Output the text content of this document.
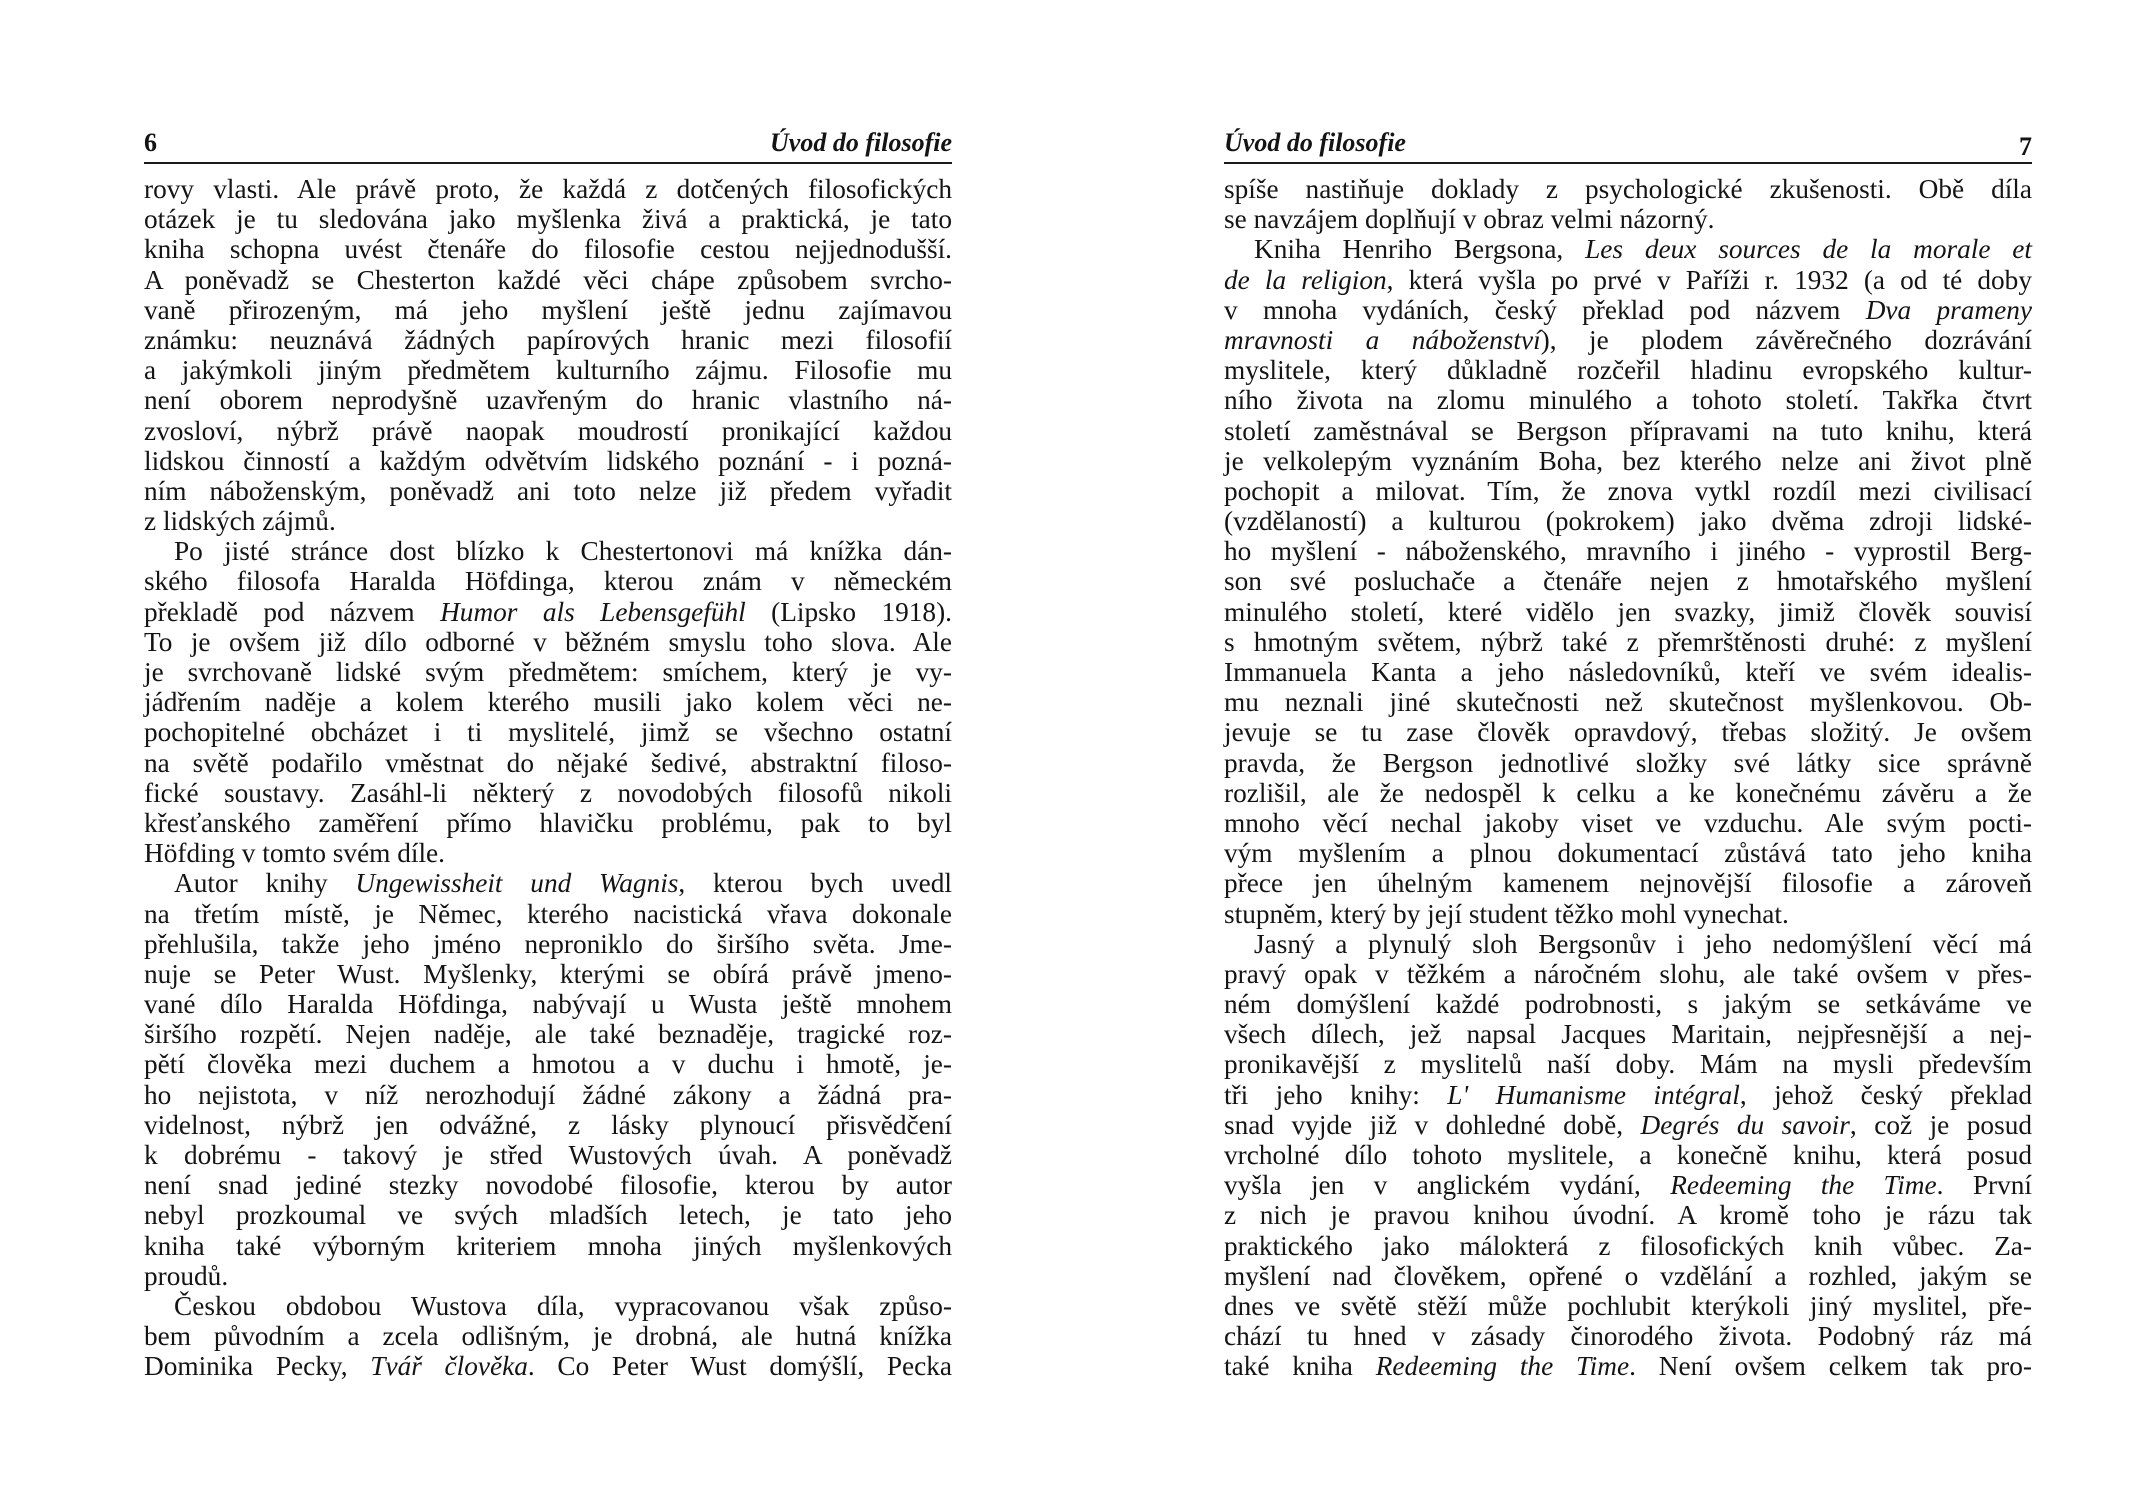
6	Úvod do filosofie
rovy vlasti. Ale právě proto, že každá z dotčených filosofických
otázek je tu sledována jako myšlenka živá a praktická, je tato
kniha schopna uvést čtenáře do filosofie cestou nejjednodušší.
A poněvadž se Chesterton každé věci chápe způsobem svrcho-
vaně přirozeným, má jeho myšlení ještě jednu zajímavou
známku: neuznává žádných papírových hranic mezi filosofií
a jakýmkoli jiným předmětem kulturního zájmu. Filosofie mu
není oborem neprodyšně uzavřeným do hranic vlastního ná-
zvosloví, nýbrž právě naopak moudrostí pronikající každou
lidskou činností a každým odvětvím lidského poznání - i pozná-
ním náboženským, poněvadž ani toto nelze již předem vyřadit
z lidských zájmů.
Po jisté stránce dost blízko k Chestertonovi má knížka dán-
ského filosofa Haralda Höfdinga, kterou znám v německém
překladě pod názvem Humor als Lebensgefühl (Lipsko 1918).
To je ovšem již dílo odborné v běžném smyslu toho slova. Ale
je svrchovaně lidské svým předmětem: smíchem, který je vy-
jádřením naděje a kolem kterého musili jako kolem věci ne-
pochopitelné obcházet i ti myslitelé, jimž se všechno ostatní
na světě podařilo vměstnat do nějaké šedivé, abstraktní filoso-
fické soustavy. Zasáhl-li některý z novodobých filosofů nikoli
křesťanského zaměření přímo hlavičku problému, pak to byl
Höfding v tomto svém díle.
Autor knihy Ungewissheit und Wagnis, kterou bych uvedl
na třetím místě, je Němec, kterého nacistická vřava dokonale
přehlušila, takže jeho jméno neproniklo do širšího světa. Jme-
nuje se Peter Wust. Myšlenky, kterými se obírá právě jmeno-
vané dílo Haralda Höfdinga, nabývají u Wusta ještě mnohem
širšího rozpětí. Nejen naděje, ale také beznaděje, tragické roz-
pětí člověka mezi duchem a hmotou a v duchu i hmotě, je-
ho nejistota, v níž nerozhodují žádné zákony a žádná pra-
videlnost, nýbrž jen odvážné, z lásky plynoucí přisvědčení
k dobrému - takový je střed Wustových úvah. A poněvadž
není snad jediné stezky novodobé filosofie, kterou by autor
nebyl prozkoumal ve svých mladších letech, je tato jeho
kniha také výborným kriteriem mnoha jiných myšlenkových
proudů.
Českou obdobou Wustova díla, vypracovanou však způso-
bem původním a zcela odlišným, je drobná, ale hutná knížka
Dominika Pecky, Tvář člověka. Co Peter Wust domýšlí, Pecka
Úvod do filosofie	7
spíše nastiňuje doklady z psychologické zkušenosti. Obě díla
se navzájem doplňují v obraz velmi názorný.
Kniha Henriho Bergsona, Les deux sources de la morale et
de la religion, která vyšla po prvé v Paříži r. 1932 (a od té doby
v mnoha vydáních, český překlad pod názvem Dva prameny
mravnosti a náboženství), je plodem závěrečného dozrávání
myslitele, který důkladně rozčeřil hladinu evropského kultur-
ního života na zlomu minulého a tohoto století. Takřka čtvrt
století zaměstnával se Bergson přípravami na tuto knihu, která
je velkolepým vyznáním Boha, bez kterého nelze ani život plně
pochopit a milovat. Tím, že znova vytkl rozdíl mezi civilisací
(vzdělaností) a kulturou (pokrokem) jako dvěma zdroji lidské-
ho myšlení - náboženského, mravního i jiného - vyprostil Berg-
son své posluchače a čtenáře nejen z hmotařského myšlení
minulého století, které vidělo jen svazky, jimiž člověk souvisí
s hmotným světem, nýbrž také z přemrštěnosti druhé: z myšlení
Immanuela Kanta a jeho následovníků, kteří ve svém idealis-
mu neznali jiné skutečnosti než skutečnost myšlenkovou. Ob-
jevuje se tu zase člověk opravdový, třebas složitý. Je ovšem
pravda, že Bergson jednotlivé složky své látky sice správně
rozlišil, ale že nedospěl k celku a ke konečnému závěru a že
mnoho věcí nechal jakoby viset ve vzduchu. Ale svým pocti-
vým myšlením a plnou dokumentací zůstává tato jeho kniha
přece jen úhelným kamenem nejnovější filosofie a zároveň
stupněm, který by její student těžko mohl vynechat.
Jasný a plynulý sloh Bergsonův i jeho nedomýšlení věcí má
pravý opak v těžkém a náročném slohu, ale také ovšem v přes-
ném domýšlení každé podrobnosti, s jakým se setkáváme ve
všech dílech, jež napsal Jacques Maritain, nejpřesnější a nej-
pronikavější z myslitelů naší doby. Mám na mysli především
tři jeho knihy: L' Humanisme intégral, jehož český překlad
snad vyjde již v dohledné době, Degrés du savoir, což je posud
vrcholné dílo tohoto myslitele, a konečně knihu, která posud
vyšla jen v anglickém vydání, Redeeming the Time. První
z nich je pravou knihou úvodní. A kromě toho je rázu tak
praktického jako málokterá z filosofických knih vůbec. Za-
myšlení nad člověkem, opřené o vzdělání a rozhled, jakým se
dnes ve světě stěží může pochlubit kterýkoli jiný myslitel, pře-
chází tu hned v zásady činorodého života. Podobný ráz má
také kniha Redeeming the Time. Není ovšem celkem tak pro-
